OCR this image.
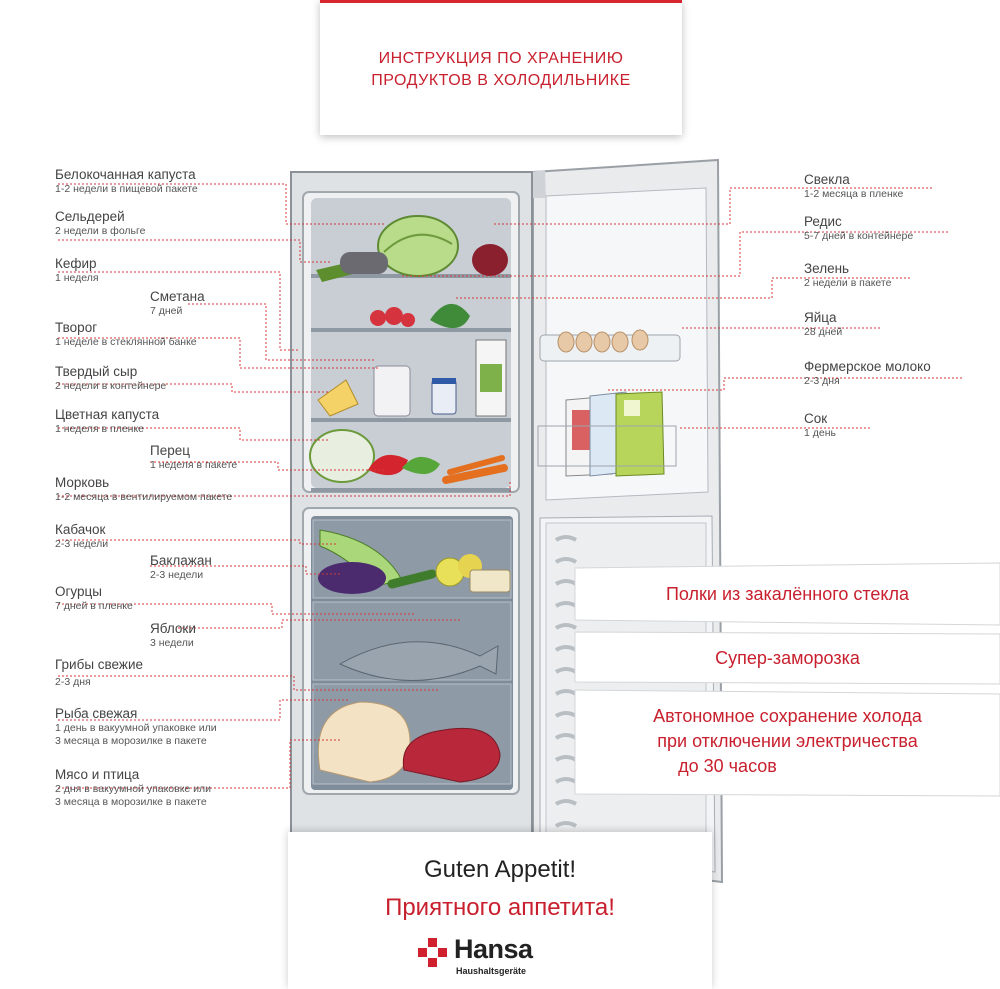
ИНСТРУКЦИЯ ПО ХРАНЕНИЮ
ПРОДУКТОВ В ХОЛОДИЛЬНИКЕ
Белокочанная капуста
1-2 недели в пищевой пакете
Сельдерей
2 недели в фольге
Кефир
1 неделя
Сметана
7 дней
Творог
1 неделе в стеклянной банке
Твердый сыр
2 недели в контейнере
Цветная капуста
1 неделя в пленке
Перец
1 неделя в пакете
Морковь
1-2 месяца в вентилируемом пакете
Кабачок
2-3 недели
Баклажан
2-3 недели
Огурцы
7 дней в пленке
Яблоки
3 недели
Грибы свежие
2-3 дня
Рыба свежая
1 день в вакуумной упаковке или
3 месяца в морозилке в пакете
Мясо и птица
2 дня в вакуумной упаковке или
3 месяца в морозилке в пакете
Свекла
1-2 месяца в пленке
Редис
5-7 дней в контейнере
Зелень
2 недели в пакете
Яйца
28 дней
Фермерское молоко
2-3 дня
Сок
1 день
Полки из закалённого стекла
Супер-заморозка
Автономное сохранение холода
при отключении электричества
до 30 часов
Guten Appetit!
Приятного аппетита!
Hansa
Haushaltsgeräte
